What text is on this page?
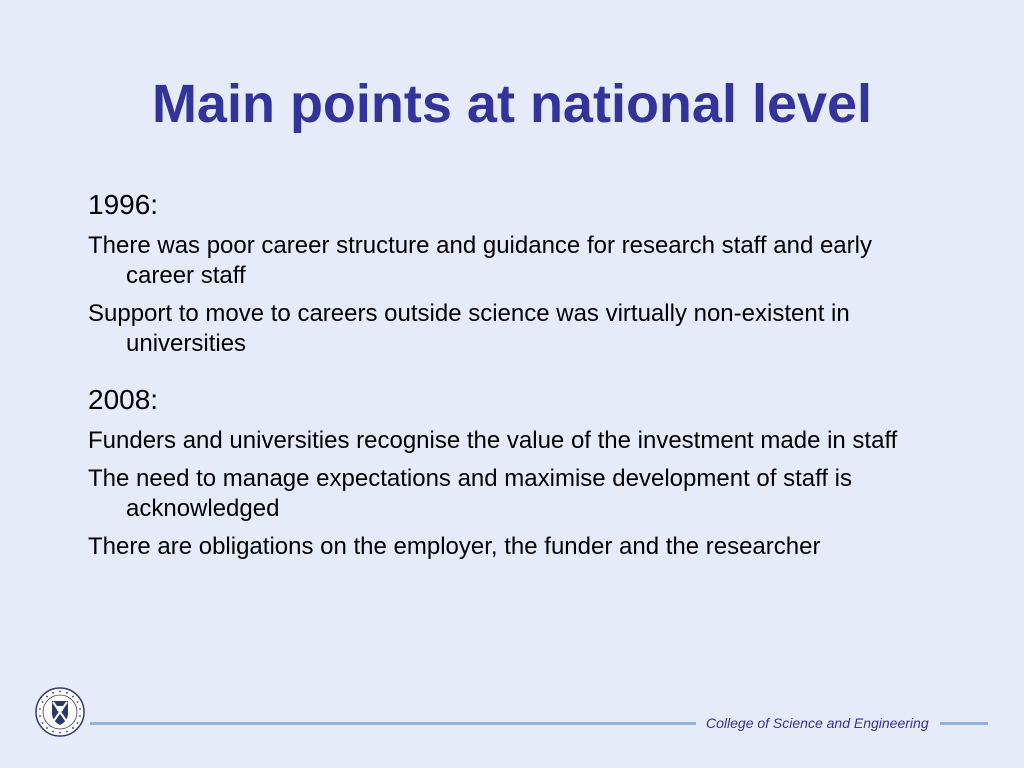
Main points at national level
1996:
There was poor career structure and guidance for research staff and early career staff
Support to move to careers outside science was virtually non-existent in universities
2008:
Funders and universities recognise the value of the investment made in staff
The need to manage expectations and maximise development of staff is acknowledged
There are obligations on the employer, the funder and the researcher
College of Science and Engineering
